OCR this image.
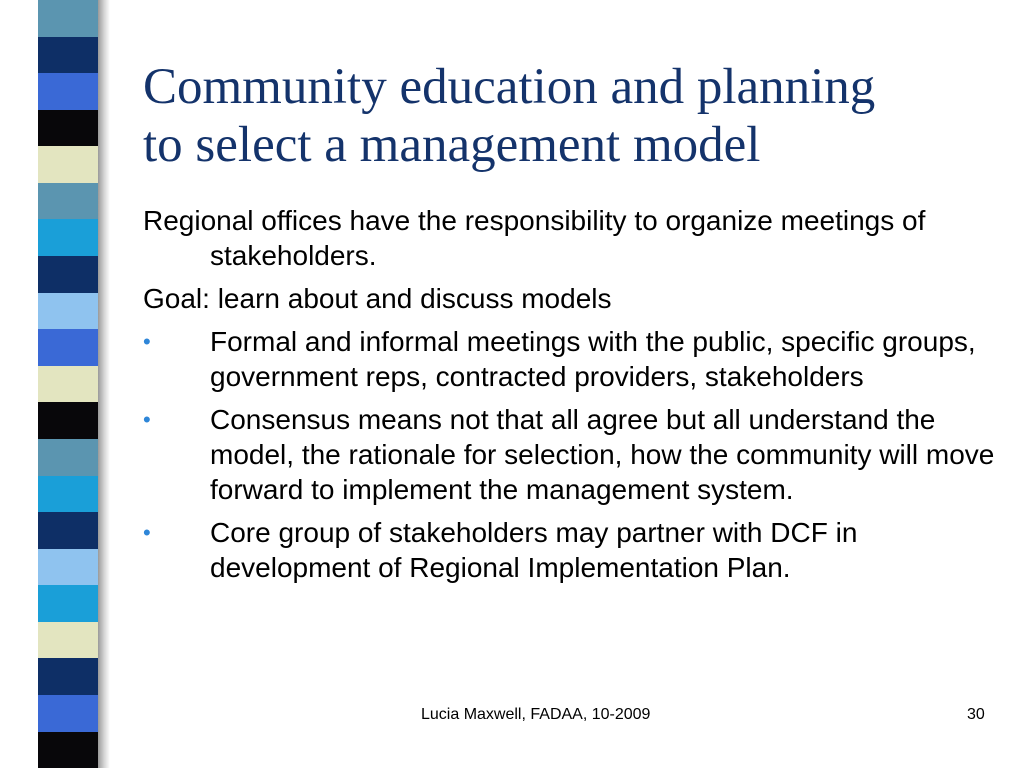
Community education and planning
to select a management model

Regional offices have the responsibility to organize meetings of stakeholders.

Goal: learn about and discuss models

• Formal and informal meetings with the public, specific groups, government reps, contracted providers, stakeholders
• Consensus means not that all agree but all understand the model, the rationale for selection, how the community will move forward to implement the management system.
• Core group of stakeholders may partner with DCF in development of Regional Implementation Plan.
Lucia Maxwell, FADAA, 10-2009	30
